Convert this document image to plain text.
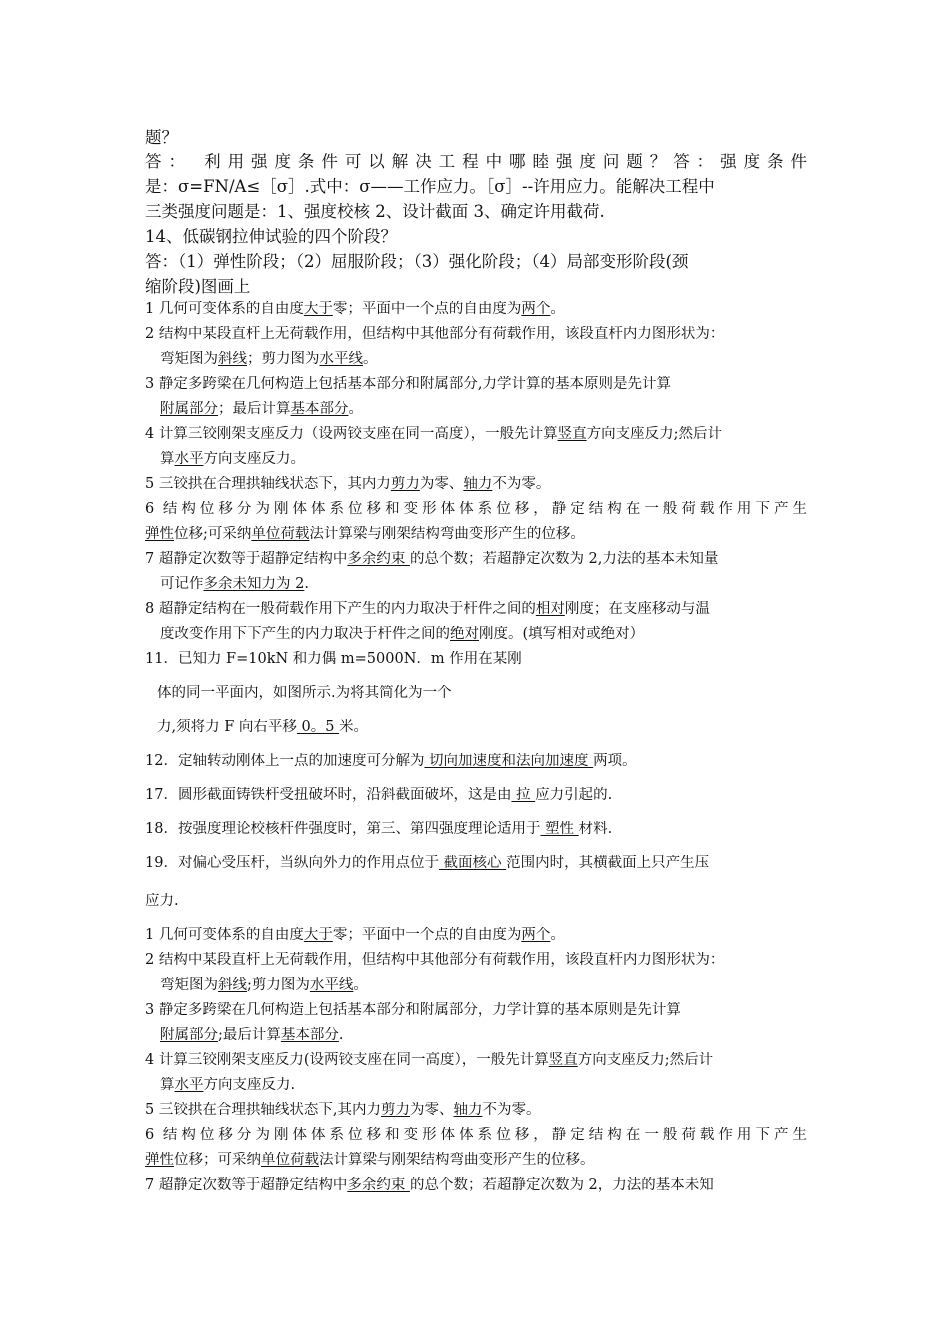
题？
答： 利用强度条件可以解决工程中哪睦强度问题？答：强度条件
是：σ=FN/A≤［σ］.式中：σ——工作应力。［σ］--许用应力。能解决工程中
三类强度问题是：1、强度校核 2、设计截面 3、确定许用截荷.
14、低碳钢拉伸试验的四个阶段？
答：（1）弹性阶段；（2）屈服阶段；（3）强化阶段；（4）局部变形阶段(颈
缩阶段)图画上
1 几何可变体系的自由度大于零；平面中一个点的自由度为两个。
2 结构中某段直杆上无荷载作用，但结构中其他部分有荷载作用，该段直杆内力图形状为：
弯矩图为斜线；剪力图为水平线。
3 静定多跨梁在几何构造上包括基本部分和附属部分,力学计算的基本原则是先计算
附属部分；最后计算基本部分。
4 计算三铰刚架支座反力（设两铰支座在同一高度），一般先计算竖直方向支座反力;然后计
算水平方向支座反力。
5 三铰拱在合理拱轴线状态下，其内力剪力为零、轴力不为零。
6 结构位移分为刚体体系位移和变形体体系位移，静定结构在一般荷载作用下产生
弹性位移;可采纳单位荷载法计算梁与刚架结构弯曲变形产生的位移。
7 超静定次数等于超静定结构中多余约束 的总个数；若超静定次数为 2,力法的基本未知量
可记作多余未知力为 2.
8 超静定结构在一般荷载作用下产生的内力取决于杆件之间的相对刚度；在支座移动与温
度改变作用下下产生的内力取决于杆件之间的绝对刚度。(填写相对或绝对）
11．已知力 F=10kN 和力偶 m=5000N．m 作用在某刚
体的同一平面内，如图所示.为将其简化为一个
力,须将力 F 向右平移 0。5 米。
12．定轴转动刚体上一点的加速度可分解为 切向加速度和法向加速度 两项。
17．圆形截面铸铁杆受扭破坏时，沿斜截面破坏，这是由 拉 应力引起的.
18．按强度理论校核杆件强度时，第三、第四强度理论适用于 塑性 材料.
19．对偏心受压杆，当纵向外力的作用点位于 截面核心 范围内时，其横截面上只产生压
应力.
1 几何可变体系的自由度大于零；平面中一个点的自由度为两个。
2 结构中某段直杆上无荷载作用，但结构中其他部分有荷载作用，该段直杆内力图形状为：
弯矩图为斜线;剪力图为水平线。
3 静定多跨梁在几何构造上包括基本部分和附属部分，力学计算的基本原则是先计算
附属部分;最后计算基本部分.
4 计算三铰刚架支座反力(设两铰支座在同一高度），一般先计算竖直方向支座反力;然后计
算水平方向支座反力.
5 三铰拱在合理拱轴线状态下,其内力剪力为零、轴力不为零。
6 结构位移分为刚体体系位移和变形体体系位移，静定结构在一般荷载作用下产生
弹性位移；可采纳单位荷载法计算梁与刚架结构弯曲变形产生的位移。
7 超静定次数等于超静定结构中多余约束 的总个数；若超静定次数为 2，力法的基本未知
